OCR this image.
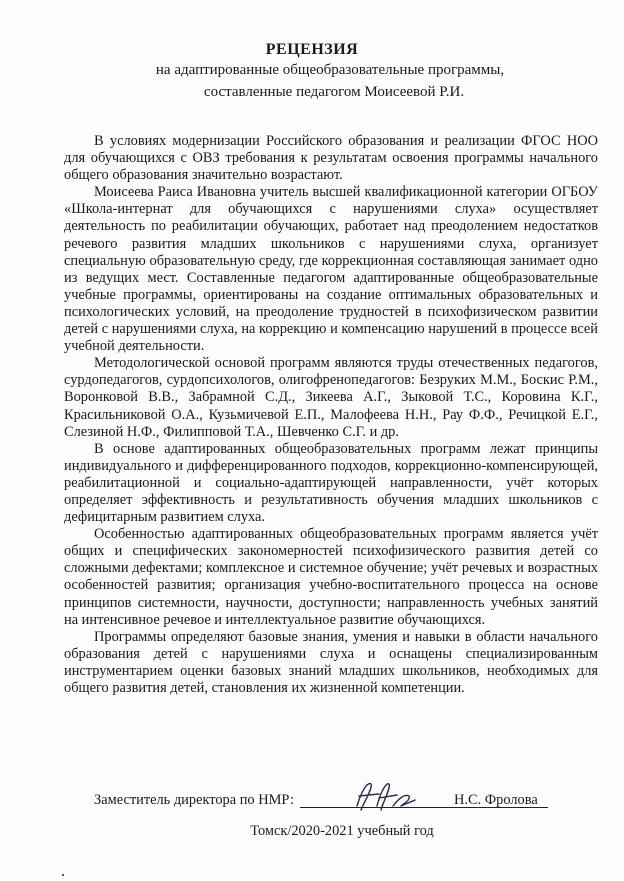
РЕЦЕНЗИЯ
на адаптированные общеобразовательные программы,
составленные педагогом Моисеевой Р.И.

В условиях модернизации Российского образования и реализации ФГОС НОО для обучающихся с ОВЗ требования к результатам освоения программы начального общего образования значительно возрастают.

Моисеева Раиса Ивановна учитель высшей квалификационной категории ОГБОУ «Школа-интернат для обучающихся с нарушениями слуха» осуществляет деятельность по реабилитации обучающих, работает над преодолением недостатков речевого развития младших школьников с нарушениями слуха, организует специальную образовательную среду, где коррекционная составляющая занимает одно из ведущих мест. Составленные педагогом адаптированные общеобразовательные учебные программы, ориентированы на создание оптимальных образовательных и психологических условий, на преодоление трудностей в психофизическом развитии детей с нарушениями слуха, на коррекцию и компенсацию нарушений в процессе всей учебной деятельности.

Методологической основой программ являются труды отечественных педагогов, сурдопедагогов, сурдопсихологов, олигофренопедагогов: Безруких М.М., Боскис Р.М., Воронковой В.В., Забрамной С.Д., Зикеева А.Г., Зыковой Т.С., Коровина К.Г., Красильниковой О.А., Кузьмичевой Е.П., Малофеева Н.Н., Рау Ф.Ф., Речицкой Е.Г., Слезиной Н.Ф., Филипповой Т.А., Шевченко С.Г. и др.

В основе адаптированных общеобразовательных программ лежат принципы индивидуального и дифференцированного подходов, коррекционно-компенсирующей, реабилитационной и социально-адаптирующей направленности, учёт которых определяет эффективность и результативность обучения младших школьников с дефицитарным развитием слуха.

Особенностью адаптированных общеобразовательных программ является учёт общих и специфических закономерностей психофизического развития детей со сложными дефектами; комплексное и системное обучение; учёт речевых и возрастных особенностей развития; организация учебно-воспитательного процесса на основе принципов системности, научности, доступности; направленность учебных занятий на интенсивное речевое и интеллектуальное развитие обучающихся.

Программы определяют базовые знания, умения и навыки в области начального образования детей с нарушениями слуха и оснащены специализированным инструментарием оценки базовых знаний младших школьников, необходимых для общего развития детей, становления их жизненной компетенции.

Заместитель директора по НМР:	Н.С. Фролова
Томск/2020-2021 учебный год
